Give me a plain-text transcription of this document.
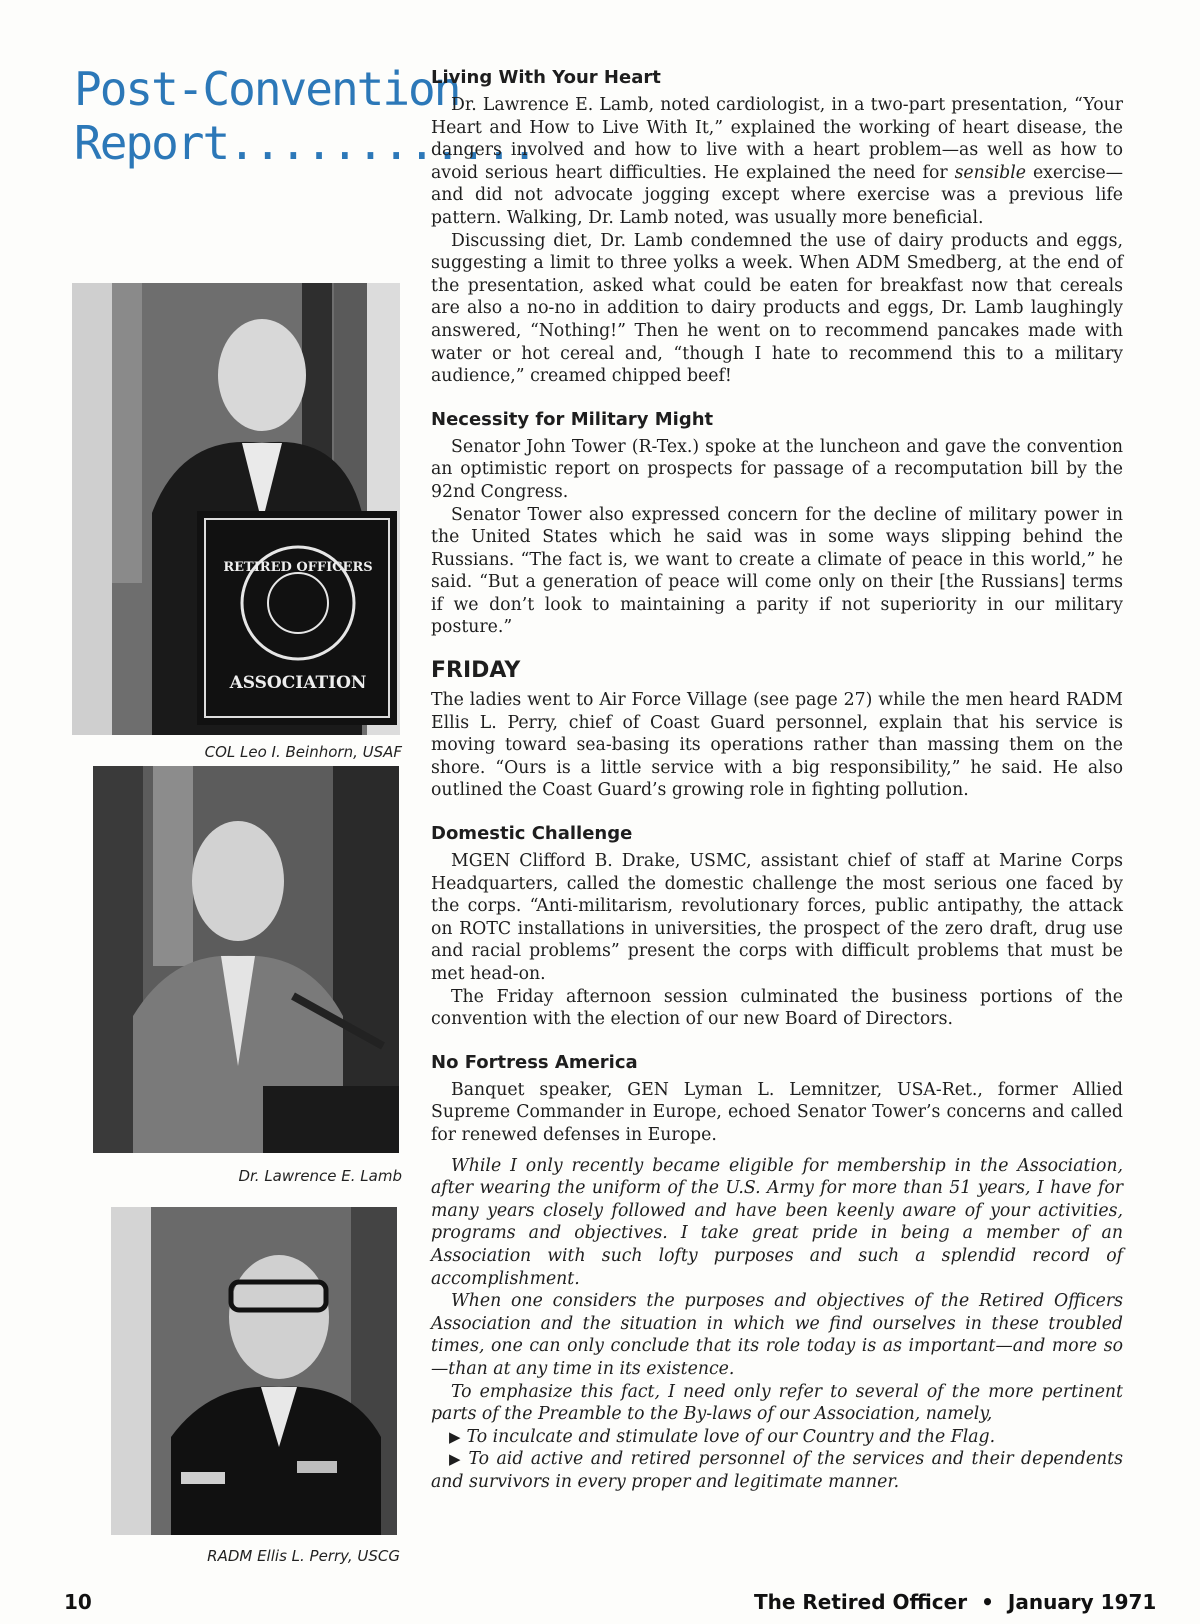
Post-Convention
Report............
RETIRED OFFICERS
ASSOCIATION
COL Leo I. Beinhorn, USAF
Dr. Lawrence E. Lamb
RADM Ellis L. Perry, USCG
Living With Your Heart

Dr. Lawrence E. Lamb, noted cardiologist, in a two-part presentation, “Your Heart and How to Live With It,” explained the working of heart disease, the dangers involved and how to live with a heart problem—as well as how to avoid serious heart difficulties. He explained the need for sensible exercise—and did not advocate jogging except where exercise was a previous life pattern. Walking, Dr. Lamb noted, was usually more beneficial.

Discussing diet, Dr. Lamb condemned the use of dairy products and eggs, suggesting a limit to three yolks a week. When ADM Smedberg, at the end of the presentation, asked what could be eaten for breakfast now that cereals are also a no-no in addition to dairy products and eggs, Dr. Lamb laughingly answered, “Nothing!” Then he went on to recommend pancakes made with water or hot cereal and, “though I hate to recommend this to a military audience,” creamed chipped beef!

Necessity for Military Might

Senator John Tower (R-Tex.) spoke at the luncheon and gave the convention an optimistic report on prospects for passage of a recomputation bill by the 92nd Congress.

Senator Tower also expressed concern for the decline of military power in the United States which he said was in some ways slipping behind the Russians. “The fact is, we want to create a climate of peace in this world,” he said. “But a generation of peace will come only on their [the Russians] terms if we don’t look to maintaining a parity if not superiority in our military posture.”

FRIDAY

The ladies went to Air Force Village (see page 27) while the men heard RADM Ellis L. Perry, chief of Coast Guard personnel, explain that his service is moving toward sea-basing its operations rather than massing them on the shore. “Ours is a little service with a big responsibility,” he said. He also outlined the Coast Guard’s growing role in fighting pollution.

Domestic Challenge

MGEN Clifford B. Drake, USMC, assistant chief of staff at Marine Corps Headquarters, called the domestic challenge the most serious one faced by the corps. “Anti-militarism, revolutionary forces, public antipathy, the attack on ROTC installations in universities, the prospect of the zero draft, drug use and racial problems” present the corps with difficult problems that must be met head-on.

The Friday afternoon session culminated the business portions of the convention with the election of our new Board of Directors.

No Fortress America

Banquet speaker, GEN Lyman L. Lemnitzer, USA-Ret., former Allied Supreme Commander in Europe, echoed Senator Tower’s concerns and called for renewed defenses in Europe.

While I only recently became eligible for membership in the Association, after wearing the uniform of the U.S. Army for more than 51 years, I have for many years closely followed and have been keenly aware of your activities, programs and objectives. I take great pride in being a member of an Association with such lofty purposes and such a splendid record of accomplishment.

When one considers the purposes and objectives of the Retired Officers Association and the situation in which we find ourselves in these troubled times, one can only conclude that its role today is as important—and more so—than at any time in its existence.

To emphasize this fact, I need only refer to several of the more pertinent parts of the Preamble to the By-laws of our Association, namely,

▶ To inculcate and stimulate love of our Country and the Flag.

▶ To aid active and retired personnel of the services and their dependents and survivors in every proper and legitimate manner.

10	The Retired Officer • January 1971
